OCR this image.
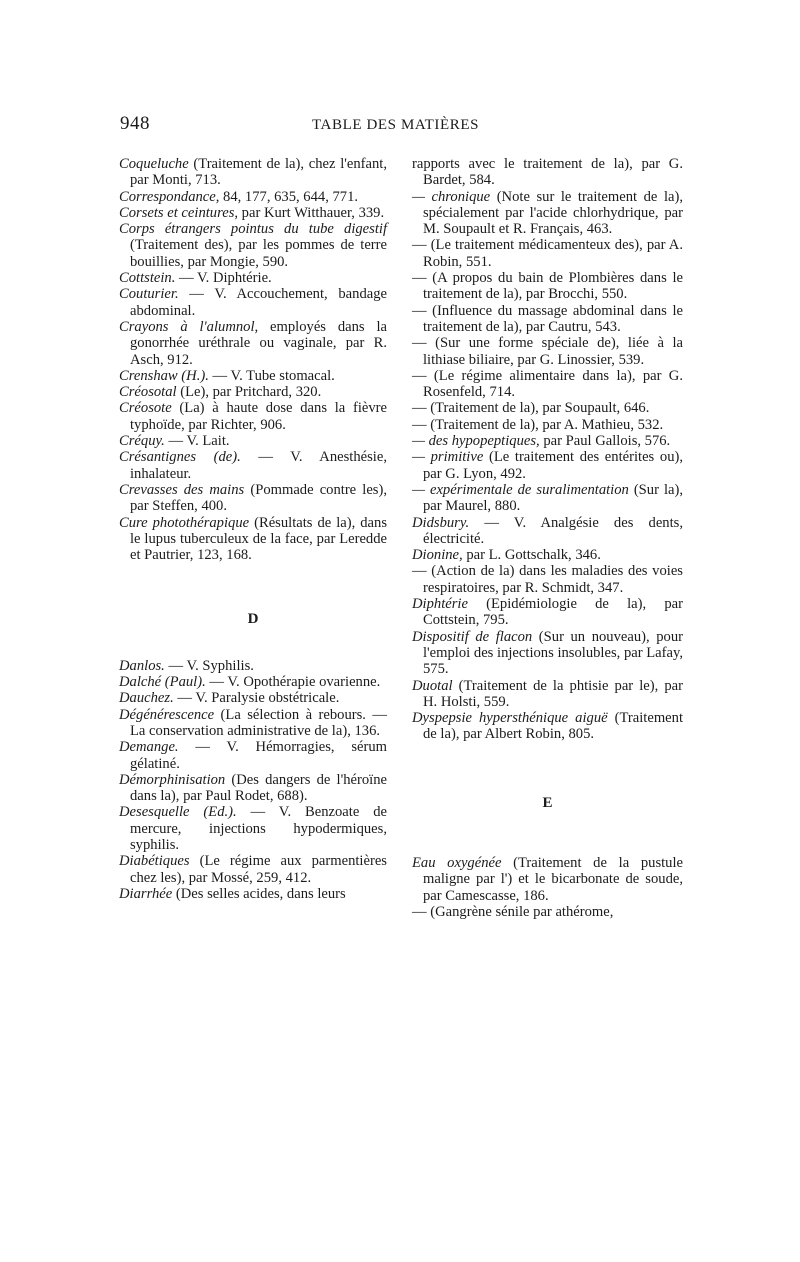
948	TABLE DES MATIÈRES

Coqueluche (Traitement de la), chez l'enfant, par Monti, 713.

Correspondance, 84, 177, 635, 644, 771.

Corsets et ceintures, par Kurt Witthauer, 339.

Corps étrangers pointus du tube digestif (Traitement des), par les pommes de terre bouillies, par Mongie, 590.

Cottstein. — V. Diphtérie.

Couturier. — V. Accouchement, bandage abdominal.

Crayons à l'alumnol, employés dans la gonorrhée uréthrale ou vaginale, par R. Asch, 912.

Crenshaw (H.). — V. Tube stomacal.

Créosotal (Le), par Pritchard, 320.

Créosote (La) à haute dose dans la fièvre typhoïde, par Richter, 906.

Créquy. — V. Lait.

Crésantignes (de). — V. Anesthésie, inhalateur.

Crevasses des mains (Pommade contre les), par Steffen, 400.

Cure photothérapique (Résultats de la), dans le lupus tuberculeux de la face, par Leredde et Pautrier, 123, 168.

D

Danlos. — V. Syphilis.

Dalché (Paul). — V. Opothérapie ovarienne.

Dauchez. — V. Paralysie obstétricale.

Dégénérescence (La sélection à rebours. — La conservation administrative de la), 136.

Demange. — V. Hémorragies, sérum gélatiné.

Démorphinisation (Des dangers de l'héroïne dans la), par Paul Rodet, 688).

Desesquelle (Ed.). — V. Benzoate de mercure, injections hypodermiques, syphilis.

Diabétiques (Le régime aux parmentières chez les), par Mossé, 259, 412.

Diarrhée (Des selles acides, dans leurs

rapports avec le traitement de la), par G. Bardet, 584.

— chronique (Note sur le traitement de la), spécialement par l'acide chlorhydrique, par M. Soupault et R. Français, 463.

— (Le traitement médicamenteux des), par A. Robin, 551.

— (A propos du bain de Plombières dans le traitement de la), par Brocchi, 550.

— (Influence du massage abdominal dans le traitement de la), par Cautru, 543.

— (Sur une forme spéciale de), liée à la lithiase biliaire, par G. Linossier, 539.

— (Le régime alimentaire dans la), par G. Rosenfeld, 714.

— (Traitement de la), par Soupault, 646.

— (Traitement de la), par A. Mathieu, 532.

— des hypopeptiques, par Paul Gallois, 576.

— primitive (Le traitement des entérites ou), par G. Lyon, 492.

— expérimentale de suralimentation (Sur la), par Maurel, 880.

Didsbury. — V. Analgésie des dents, électricité.

Dionine, par L. Gottschalk, 346.

— (Action de la) dans les maladies des voies respiratoires, par R. Schmidt, 347.

Diphtérie (Epidémiologie de la), par Cottstein, 795.

Dispositif de flacon (Sur un nouveau), pour l'emploi des injections insolubles, par Lafay, 575.

Duotal (Traitement de la phtisie par le), par H. Holsti, 559.

Dyspepsie hypersthénique aiguë (Traitement de la), par Albert Robin, 805.

E

Eau oxygénée (Traitement de la pustule maligne par l') et le bicarbonate de soude, par Camescasse, 186.

— (Gangrène sénile par athérome,
